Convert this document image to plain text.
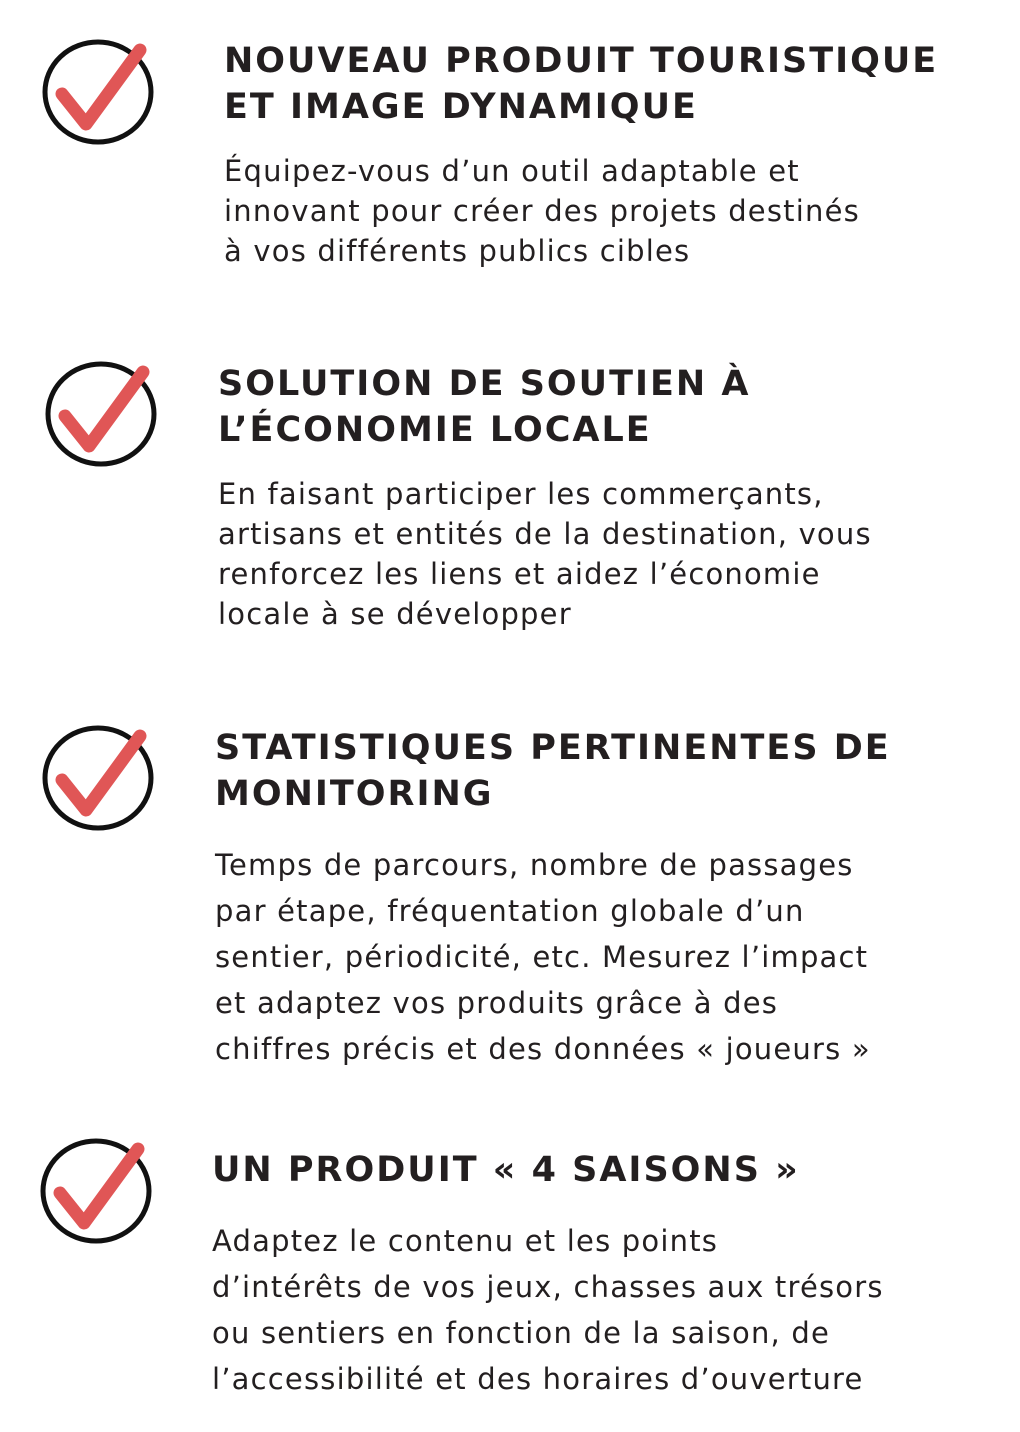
NOUVEAU PRODUIT TOURISTIQUE
ET IMAGE DYNAMIQUE

Équipez-vous d’un outil adaptable et
innovant pour créer des projets destinés
à vos différents publics cibles

SOLUTION DE SOUTIEN À
L’ÉCONOMIE LOCALE

En faisant participer les commerçants,
artisans et entités de la destination, vous
renforcez les liens et aidez l’économie
locale à se développer

STATISTIQUES PERTINENTES DE
MONITORING

Temps de parcours, nombre de passages
par étape, fréquentation globale d’un
sentier, périodicité, etc. Mesurez l’impact
et adaptez vos produits grâce à des
chiffres précis et des données « joueurs »

UN PRODUIT « 4 SAISONS »

Adaptez le contenu et les points
d’intérêts de vos jeux, chasses aux trésors
ou sentiers en fonction de la saison, de
l’accessibilité et des horaires d’ouverture
